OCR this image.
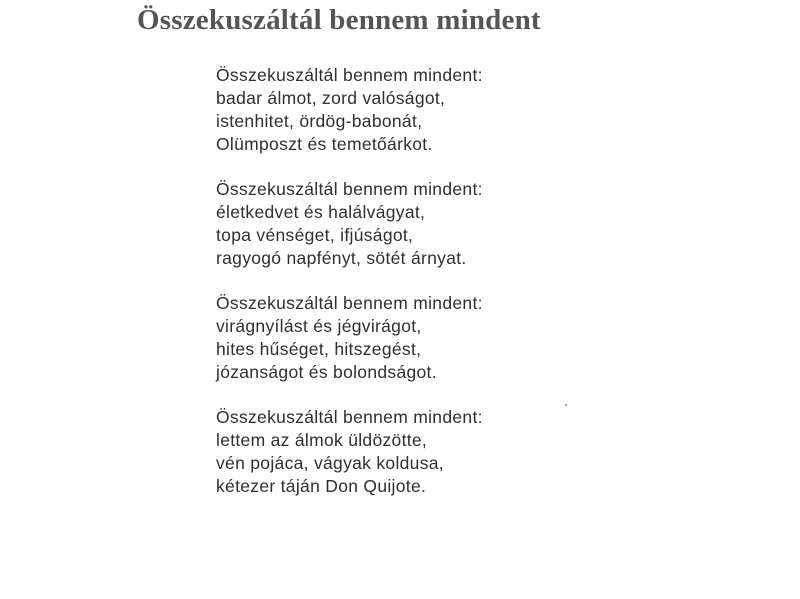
Összekuszáltál bennem mindent
Összekuszáltál bennem mindent:
badar álmot, zord valóságot,
istenhitet, ördög-babonát,
Olümposzt és temetőárkot.
Összekuszáltál bennem mindent:
életkedvet és halálvágyat,
topa vénséget, ifjúságot,
ragyogó napfényt, sötét árnyat.
Összekuszáltál bennem mindent:
virágnyílást és jégvirágot,
hites hűséget, hitszegést,
józanságot és bolondságot.
Összekuszáltál bennem mindent:
lettem az álmok üldözötte,
vén pojáca, vágyak koldusa,
kétezer táján Don Quijote.
